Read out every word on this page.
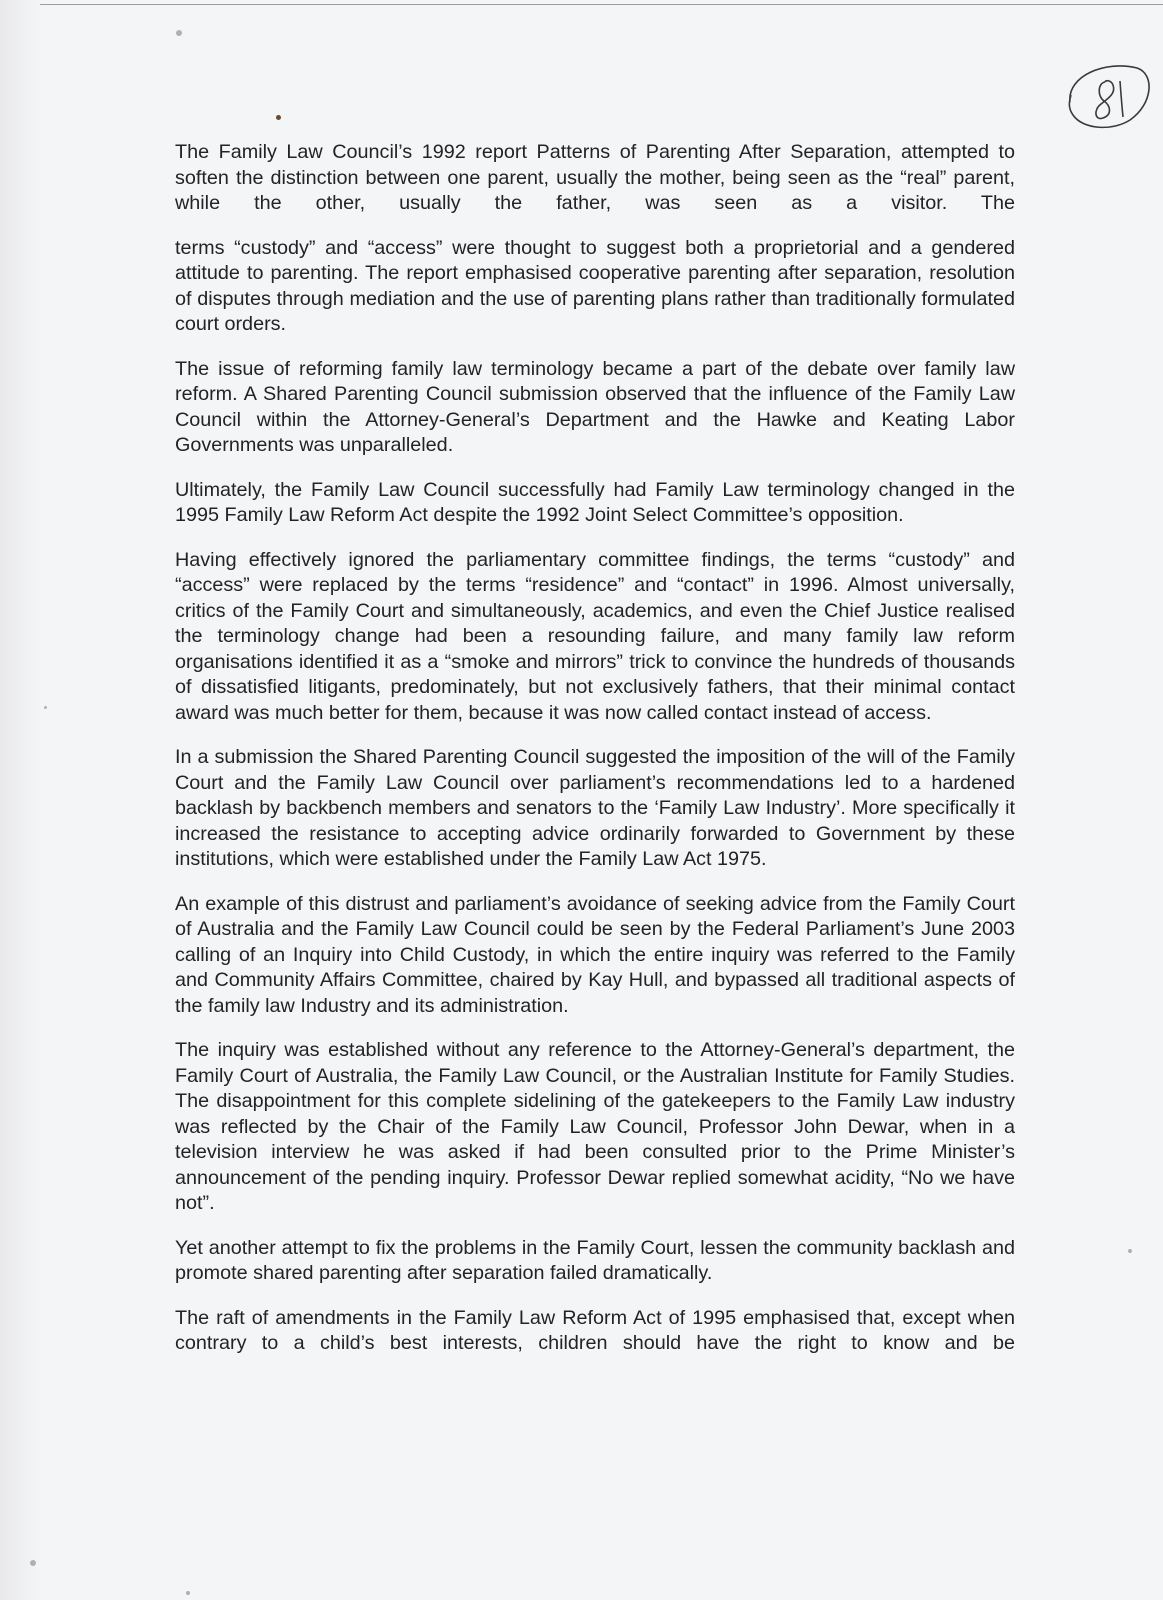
61

The Family Law Council’s 1992 report Patterns of Parenting After Separation, attempted to soften the distinction between one parent, usually the mother, being seen as the “real” parent, while the other, usually the father, was seen as a visitor. The

terms “custody” and “access” were thought to suggest both a proprietorial and a gendered attitude to parenting. The report emphasised cooperative parenting after separation, resolution of disputes through mediation and the use of parenting plans rather than traditionally formulated court orders.

The issue of reforming family law terminology became a part of the debate over family law reform. A Shared Parenting Council submission observed that the influence of the Family Law Council within the Attorney-General’s Department and the Hawke and Keating Labor Governments was unparalleled.

Ultimately, the Family Law Council successfully had Family Law terminology changed in the 1995 Family Law Reform Act despite the 1992 Joint Select Committee’s opposition.

Having effectively ignored the parliamentary committee findings, the terms “custody” and “access” were replaced by the terms “residence” and “contact” in 1996. Almost universally, critics of the Family Court and simultaneously, academics, and even the Chief Justice realised the terminology change had been a resounding failure, and many family law reform organisations identified it as a “smoke and mirrors” trick to convince the hundreds of thousands of dissatisfied litigants, predominately, but not exclusively fathers, that their minimal contact award was much better for them, because it was now called contact instead of access.

In a submission the Shared Parenting Council suggested the imposition of the will of the Family Court and the Family Law Council over parliament’s recommendations led to a hardened backlash by backbench members and senators to the ‘Family Law Industry’. More specifically it increased the resistance to accepting advice ordinarily forwarded to Government by these institutions, which were established under the Family Law Act 1975.

An example of this distrust and parliament’s avoidance of seeking advice from the Family Court of Australia and the Family Law Council could be seen by the Federal Parliament’s June 2003 calling of an Inquiry into Child Custody, in which the entire inquiry was referred to the Family and Community Affairs Committee, chaired by Kay Hull, and bypassed all traditional aspects of the family law Industry and its administration.

The inquiry was established without any reference to the Attorney-General’s department, the Family Court of Australia, the Family Law Council, or the Australian Institute for Family Studies. The disappointment for this complete sidelining of the gatekeepers to the Family Law industry was reflected by the Chair of the Family Law Council, Professor John Dewar, when in a television interview he was asked if had been consulted prior to the Prime Minister’s announcement of the pending inquiry. Professor Dewar replied somewhat acidity, “No we have not”.

Yet another attempt to fix the problems in the Family Court, lessen the community backlash and promote shared parenting after separation failed dramatically.

The raft of amendments in the Family Law Reform Act of 1995 emphasised that, except when contrary to a child’s best interests, children should have the right to know and be
